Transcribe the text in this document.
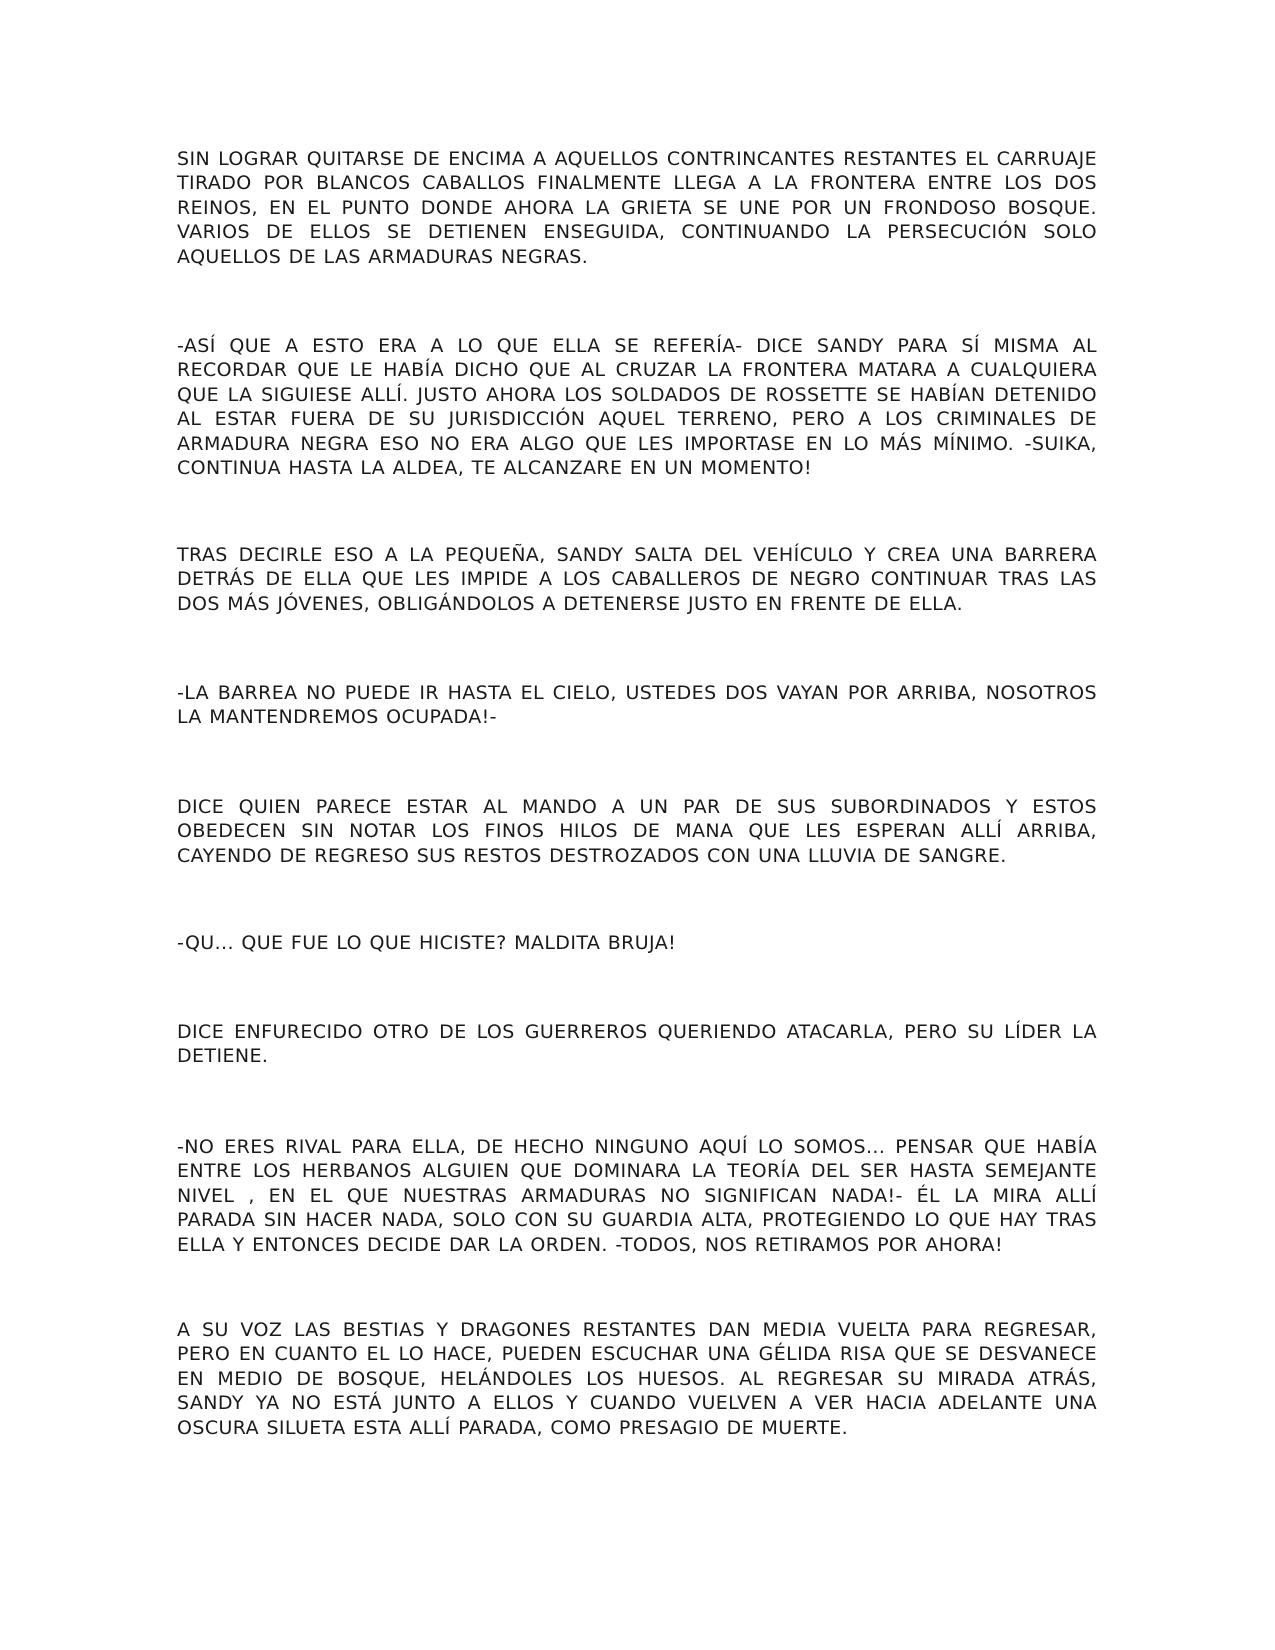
SIN LOGRAR QUITARSE DE ENCIMA A AQUELLOS CONTRINCANTES RESTANTES EL CARRUAJE TIRADO POR BLANCOS CABALLOS FINALMENTE LLEGA A LA FRONTERA ENTRE LOS DOS REINOS, EN EL PUNTO DONDE AHORA LA GRIETA SE UNE POR UN FRONDOSO BOSQUE. VARIOS DE ELLOS SE DETIENEN ENSEGUIDA, CONTINUANDO LA PERSECUCIÓN SOLO AQUELLOS DE LAS ARMADURAS NEGRAS.

-ASÍ QUE A ESTO ERA A LO QUE ELLA SE REFERÍA- DICE SANDY PARA SÍ MISMA AL RECORDAR QUE LE HABÍA DICHO QUE AL CRUZAR LA FRONTERA MATARA A CUALQUIERA QUE LA SIGUIESE ALLÍ. JUSTO AHORA LOS SOLDADOS DE ROSSETTE SE HABÍAN DETENIDO AL ESTAR FUERA DE SU JURISDICCIÓN AQUEL TERRENO, PERO A LOS CRIMINALES DE ARMADURA NEGRA ESO NO ERA ALGO QUE LES IMPORTASE EN LO MÁS MÍNIMO. -SUIKA, CONTINUA HASTA LA ALDEA, TE ALCANZARE EN UN MOMENTO!

TRAS DECIRLE ESO A LA PEQUEÑA, SANDY SALTA DEL VEHÍCULO Y CREA UNA BARRERA DETRÁS DE ELLA QUE LES IMPIDE A LOS CABALLEROS DE NEGRO CONTINUAR TRAS LAS DOS MÁS JÓVENES, OBLIGÁNDOLOS A DETENERSE JUSTO EN FRENTE DE ELLA.

-LA BARREA NO PUEDE IR HASTA EL CIELO, USTEDES DOS VAYAN POR ARRIBA, NOSOTROS LA MANTENDREMOS OCUPADA!-

DICE QUIEN PARECE ESTAR AL MANDO A UN PAR DE SUS SUBORDINADOS Y ESTOS OBEDECEN SIN NOTAR LOS FINOS HILOS DE MANA QUE LES ESPERAN ALLÍ ARRIBA, CAYENDO DE REGRESO SUS RESTOS DESTROZADOS CON UNA LLUVIA DE SANGRE.

-QU... QUE FUE LO QUE HICISTE? MALDITA BRUJA!

DICE ENFURECIDO OTRO DE LOS GUERREROS QUERIENDO ATACARLA, PERO SU LÍDER LA DETIENE.

-NO ERES RIVAL PARA ELLA, DE HECHO NINGUNO AQUÍ LO SOMOS... PENSAR QUE HABÍA ENTRE LOS HERBANOS ALGUIEN QUE DOMINARA LA TEORÍA DEL SER HASTA SEMEJANTE NIVEL , EN EL QUE NUESTRAS ARMADURAS NO SIGNIFICAN NADA!- ÉL LA MIRA ALLÍ PARADA SIN HACER NADA, SOLO CON SU GUARDIA ALTA, PROTEGIENDO LO QUE HAY TRAS ELLA Y ENTONCES DECIDE DAR LA ORDEN. -TODOS, NOS RETIRAMOS POR AHORA!

A SU VOZ LAS BESTIAS Y DRAGONES RESTANTES DAN MEDIA VUELTA PARA REGRESAR, PERO EN CUANTO EL LO HACE, PUEDEN ESCUCHAR UNA GÉLIDA RISA QUE SE DESVANECE EN MEDIO DE BOSQUE, HELÁNDOLES LOS HUESOS. AL REGRESAR SU MIRADA ATRÁS, SANDY YA NO ESTÁ JUNTO A ELLOS Y CUANDO VUELVEN A VER HACIA ADELANTE UNA OSCURA SILUETA ESTA ALLÍ PARADA, COMO PRESAGIO DE MUERTE.
